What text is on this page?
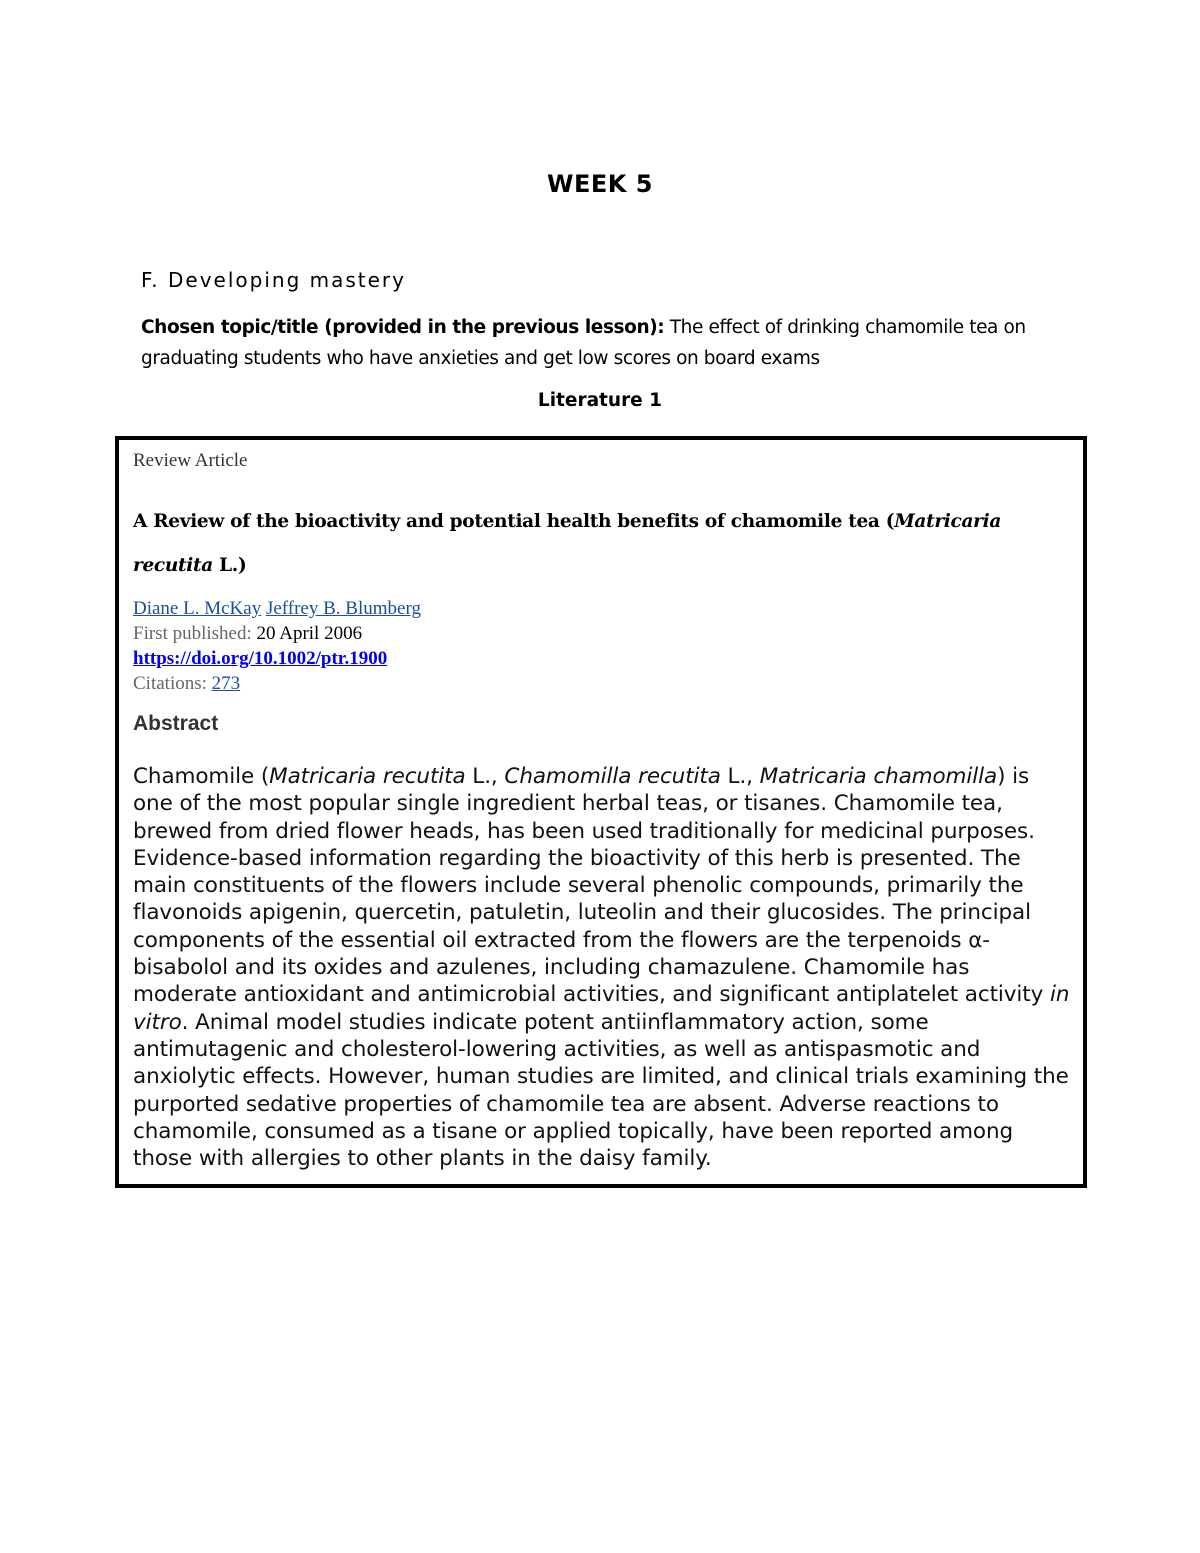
WEEK 5
F. Developing mastery
Chosen topic/title (provided in the previous lesson): The effect of drinking chamomile tea on graduating students who have anxieties and get low scores on board exams
Literature 1
Review Article
A Review of the bioactivity and potential health benefits of chamomile tea (Matricaria recutita L.)
Diane L. McKay Jeffrey B. Blumberg
First published: 20 April 2006
https://doi.org/10.1002/ptr.1900
Citations: 273
Abstract
Chamomile (Matricaria recutita L., Chamomilla recutita L., Matricaria chamomilla) is one of the most popular single ingredient herbal teas, or tisanes. Chamomile tea, brewed from dried flower heads, has been used traditionally for medicinal purposes. Evidence-based information regarding the bioactivity of this herb is presented. The main constituents of the flowers include several phenolic compounds, primarily the flavonoids apigenin, quercetin, patuletin, luteolin and their glucosides. The principal components of the essential oil extracted from the flowers are the terpenoids α-bisabolol and its oxides and azulenes, including chamazulene. Chamomile has moderate antioxidant and antimicrobial activities, and significant antiplatelet activity in vitro. Animal model studies indicate potent antiinflammatory action, some antimutagenic and cholesterol-lowering activities, as well as antispasmotic and anxiolytic effects. However, human studies are limited, and clinical trials examining the purported sedative properties of chamomile tea are absent. Adverse reactions to chamomile, consumed as a tisane or applied topically, have been reported among those with allergies to other plants in the daisy family.
